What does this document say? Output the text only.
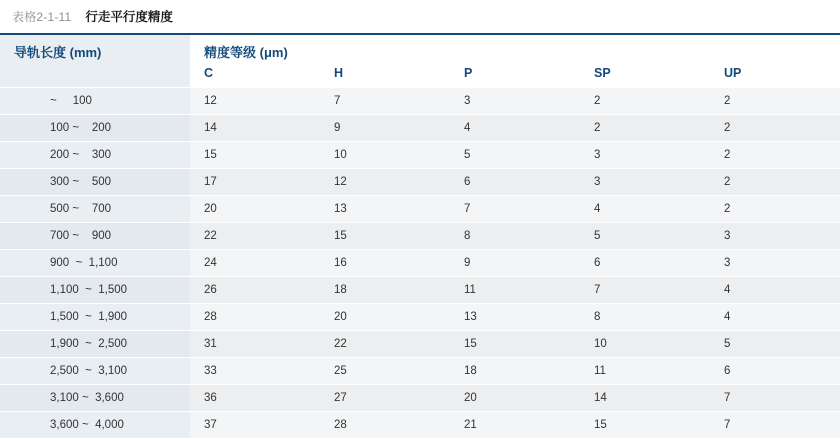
表格2-1-11 行走平行度精度
导轨长度 (mm)	精度等级 (μm)				
	C	H	P	SP	UP
~     100	12	7	3	2	2
100 ~    200	14	9	4	2	2
200 ~    300	15	10	5	3	2
300 ~    500	17	12	6	3	2
500 ~    700	20	13	7	4	2
700 ~    900	22	15	8	5	3
900  ~  1,100	24	16	9	6	3
1,100  ~  1,500	26	18	11	7	4
1,500  ~  1,900	28	20	13	8	4
1,900  ~  2,500	31	22	15	10	5
2,500  ~  3,100	33	25	18	11	6
3,100 ~  3,600	36	27	20	14	7
3,600 ~  4,000	37	28	21	15	7
